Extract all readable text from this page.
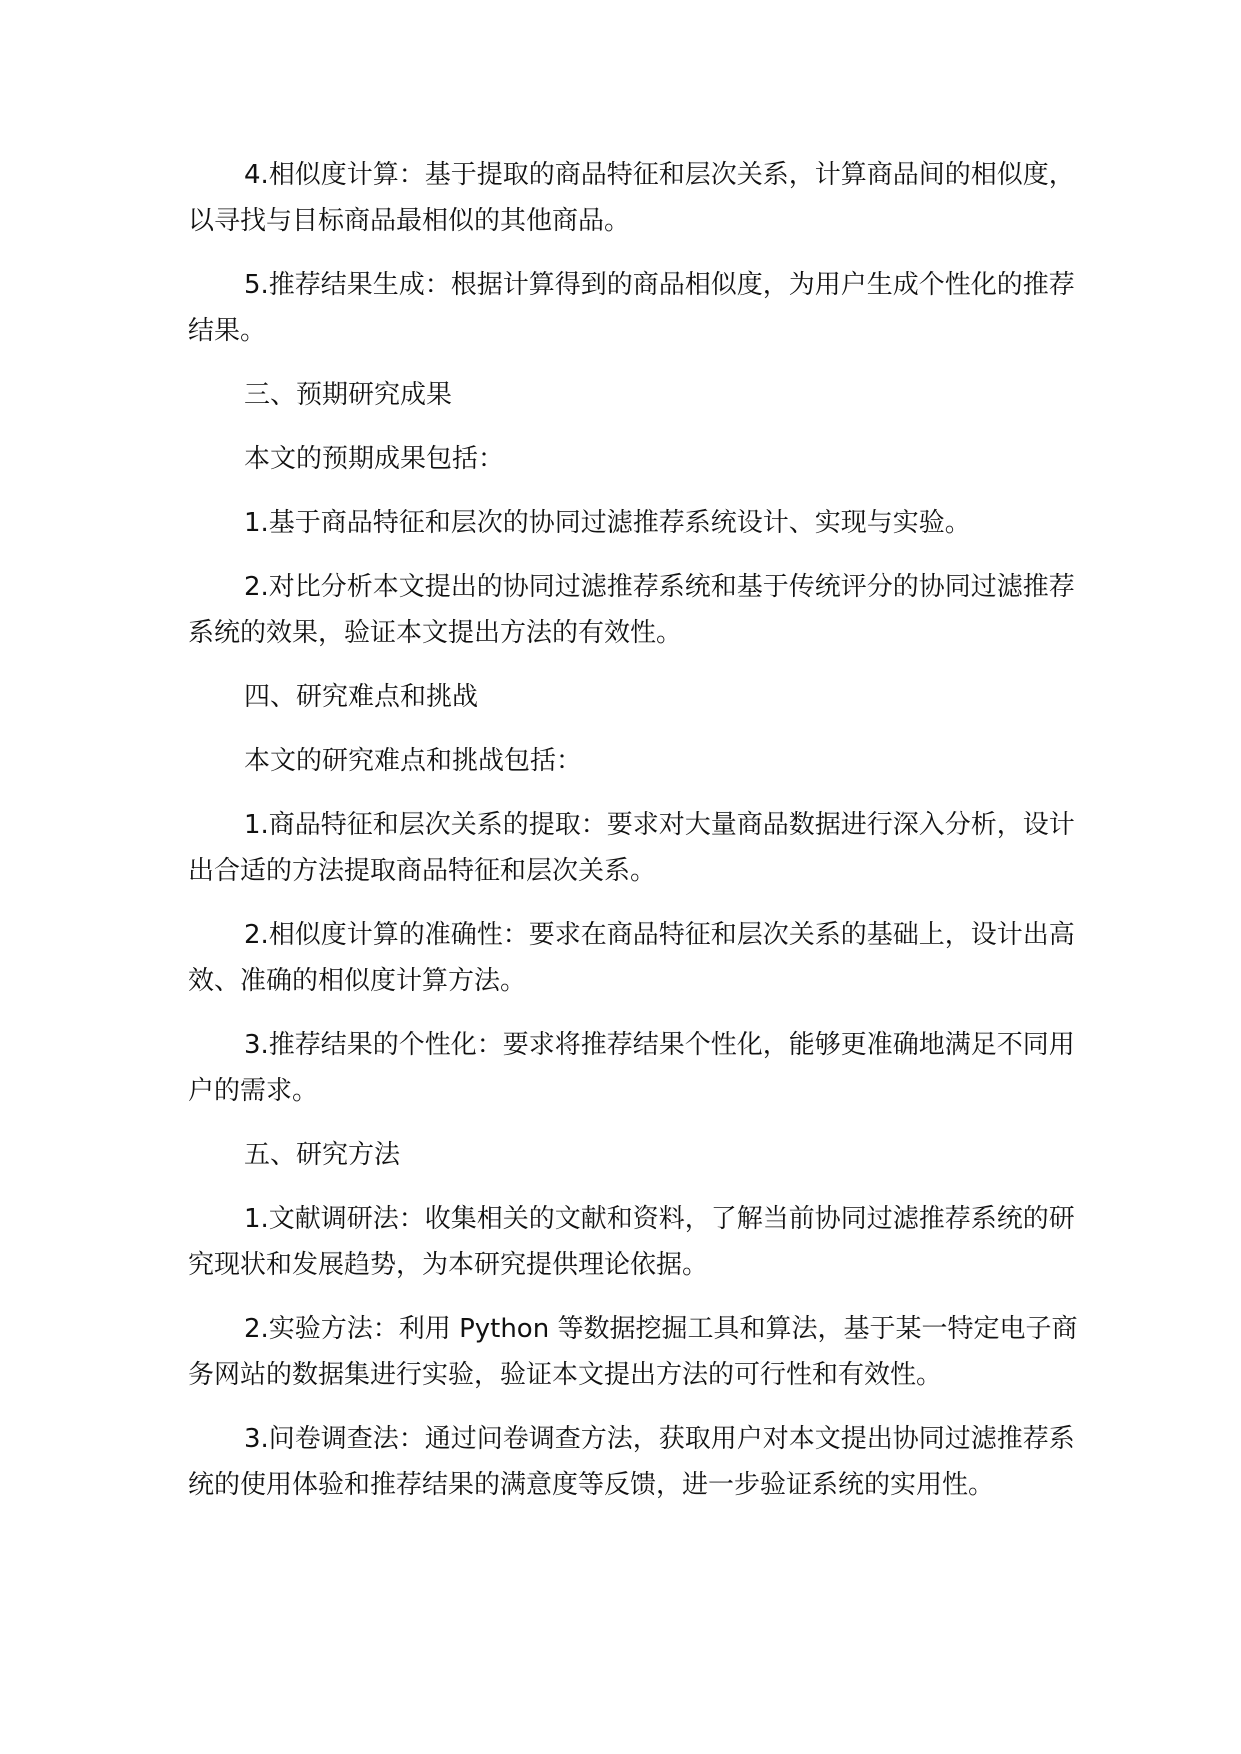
4.相似度计算：基于提取的商品特征和层次关系，计算商品间的相似度，以寻找与目标商品最相似的其他商品。

5.推荐结果生成：根据计算得到的商品相似度，为用户生成个性化的推荐结果。

三、预期研究成果

本文的预期成果包括：

1.基于商品特征和层次的协同过滤推荐系统设计、实现与实验。

2.对比分析本文提出的协同过滤推荐系统和基于传统评分的协同过滤推荐系统的效果，验证本文提出方法的有效性。

四、研究难点和挑战

本文的研究难点和挑战包括：

1.商品特征和层次关系的提取：要求对大量商品数据进行深入分析，设计出合适的方法提取商品特征和层次关系。

2.相似度计算的准确性：要求在商品特征和层次关系的基础上，设计出高效、准确的相似度计算方法。

3.推荐结果的个性化：要求将推荐结果个性化，能够更准确地满足不同用户的需求。

五、研究方法

1.文献调研法：收集相关的文献和资料，了解当前协同过滤推荐系统的研究现状和发展趋势，为本研究提供理论依据。

2.实验方法：利用 Python 等数据挖掘工具和算法，基于某一特定电子商务网站的数据集进行实验，验证本文提出方法的可行性和有效性。

3.问卷调查法：通过问卷调查方法，获取用户对本文提出协同过滤推荐系统的使用体验和推荐结果的满意度等反馈，进一步验证系统的实用性。
